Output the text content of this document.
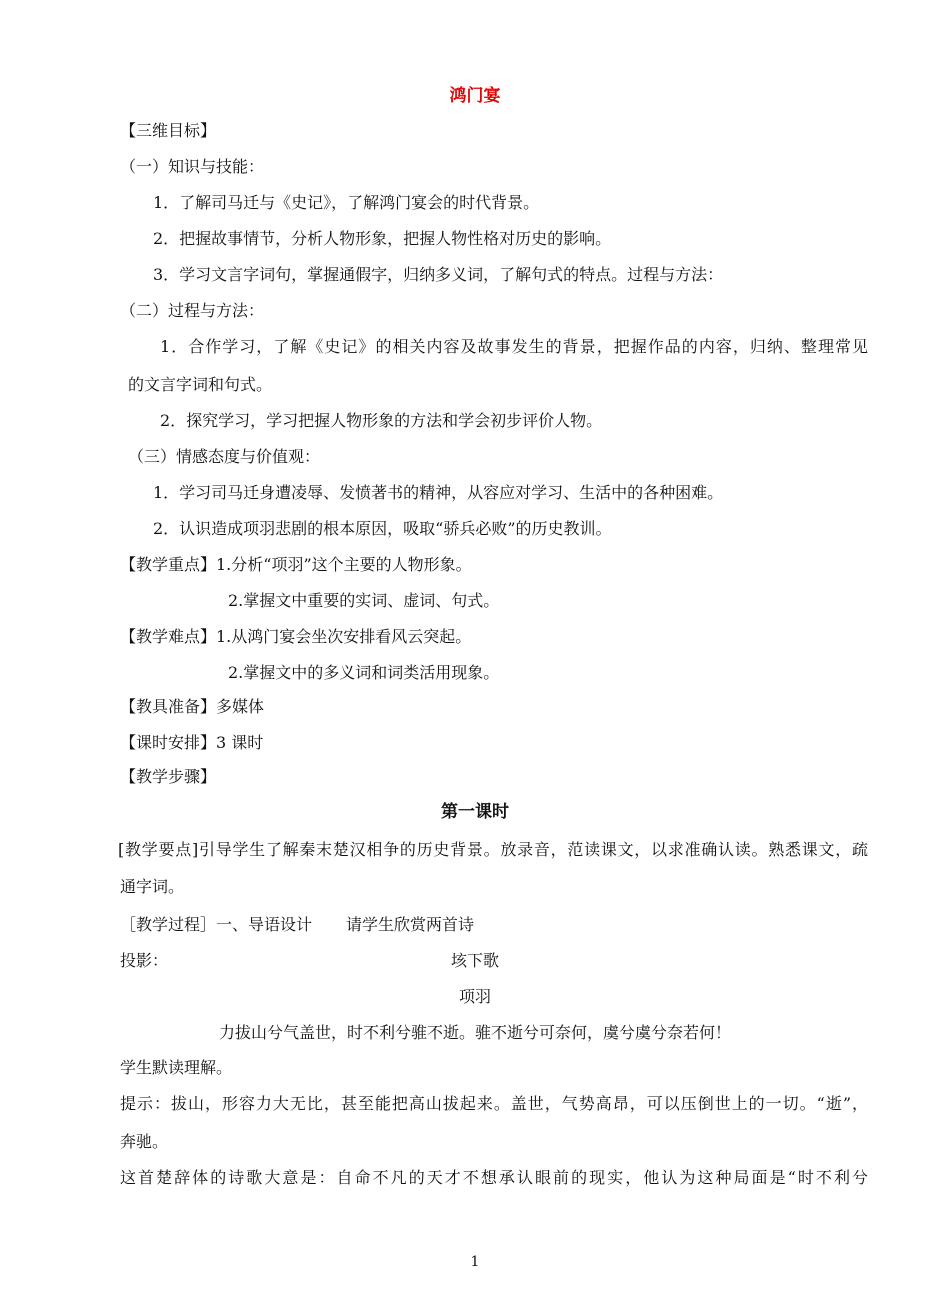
鸿门宴
【三维目标】
（一）知识与技能：
1．了解司马迁与《史记》，了解鸿门宴会的时代背景。
2．把握故事情节，分析人物形象，把握人物性格对历史的影响。
3．学习文言字词句，掌握通假字，归纳多义词，了解句式的特点。过程与方法：
（二）过程与方法：
1．合作学习，了解《史记》的相关内容及故事发生的背景，把握作品的内容，归纳、整理常见
的文言字词和句式。
2．探究学习，学习把握人物形象的方法和学会初步评价人物。
（三）情感态度与价值观：
1．学习司马迁身遭凌辱、发愤著书的精神，从容应对学习、生活中的各种困难。
2．认识造成项羽悲剧的根本原因，吸取“骄兵必败”的历史教训。
【教学重点】1.分析“项羽”这个主要的人物形象。
2.掌握文中重要的实词、虚词、句式。
【教学难点】1.从鸿门宴会坐次安排看风云突起。
2.掌握文中的多义词和词类活用现象。
【教具准备】多媒体
【课时安排】3 课时
【教学步骤】
第一课时
[教学要点]引导学生了解秦末楚汉相争的历史背景。放录音，范读课文，以求准确认读。熟悉课文，疏
通字词。
［教学过程］一、导语设计 请学生欣赏两首诗
投影：	垓下歌
项羽
力拔山兮气盖世，时不利兮骓不逝。骓不逝兮可奈何，虞兮虞兮奈若何！
学生默读理解。
提示：拔山，形容力大无比，甚至能把高山拔起来。盖世，气势高昂，可以压倒世上的一切。“逝”，
奔驰。
这首楚辞体的诗歌大意是：自命不凡的天才不想承认眼前的现实，他认为这种局面是“时不利兮
1
